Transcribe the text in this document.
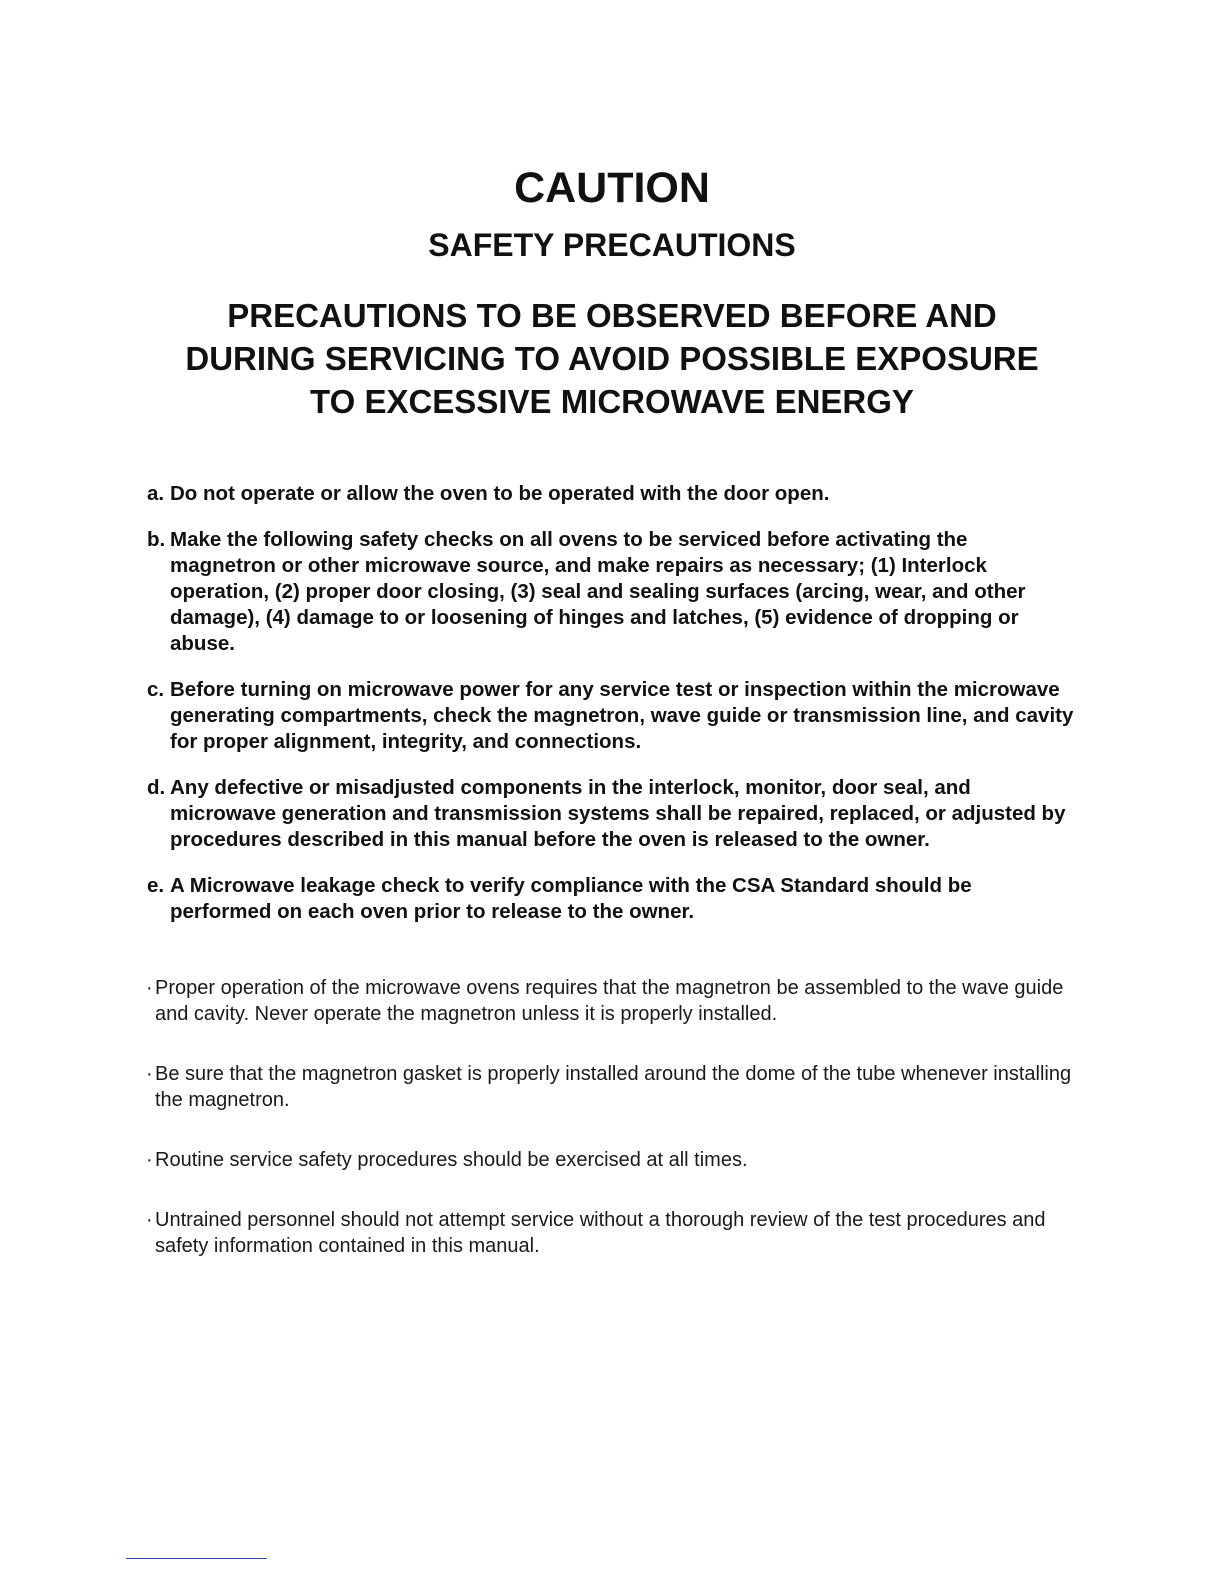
CAUTION
SAFETY PRECAUTIONS
PRECAUTIONS TO BE OBSERVED BEFORE AND
DURING SERVICING TO AVOID POSSIBLE EXPOSURE
TO EXCESSIVE MICROWAVE ENERGY
a. Do not operate or allow the oven to be operated with the door open.
b. Make the following safety checks on all ovens to be serviced before activating the magnetron or other microwave source, and make repairs as necessary; (1) Interlock operation, (2) proper door closing, (3) seal and sealing surfaces (arcing, wear, and other damage), (4) damage to or loosening of hinges and latches, (5) evidence of dropping or abuse.
c. Before turning on microwave power for any service test or inspection within the microwave generating compartments, check the magnetron, wave guide or transmission line, and cavity for proper alignment, integrity, and connections.
d. Any defective or misadjusted components in the interlock, monitor, door seal, and microwave generation and transmission systems shall be repaired, replaced, or adjusted by procedures described in this manual before the oven is released to the owner.
e. A Microwave leakage check to verify compliance with the CSA Standard should be performed on each oven prior to release to the owner.
· Proper operation of the microwave ovens requires that the magnetron be assembled to the wave guide and cavity. Never operate the magnetron unless it is properly installed.
· Be sure that the magnetron gasket is properly installed around the dome of the tube whenever installing the magnetron.
· Routine service safety procedures should be exercised at all times.
· Untrained personnel should not attempt service without a thorough review of the test procedures and safety information contained in this manual.
